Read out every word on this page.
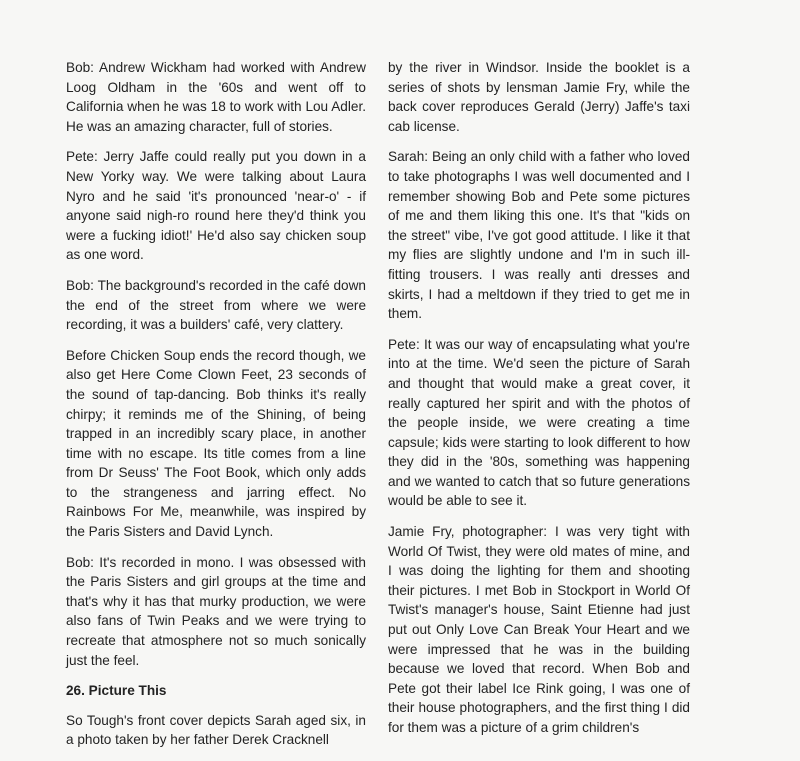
Bob: Andrew Wickham had worked with Andrew Loog Oldham in the '60s and went off to California when he was 18 to work with Lou Adler. He was an amazing character, full of stories.

Pete: Jerry Jaffe could really put you down in a New Yorky way. We were talking about Laura Nyro and he said 'it's pronounced 'near-o' - if anyone said nigh-ro round here they'd think you were a fucking idiot!' He'd also say chicken soup as one word.

Bob: The background's recorded in the café down the end of the street from where we were recording, it was a builders' café, very clattery.

Before Chicken Soup ends the record though, we also get Here Come Clown Feet, 23 seconds of the sound of tap-dancing. Bob thinks it's really chirpy; it reminds me of the Shining, of being trapped in an incredibly scary place, in another time with no escape. Its title comes from a line from Dr Seuss' The Foot Book, which only adds to the strangeness and jarring effect. No Rainbows For Me, meanwhile, was inspired by the Paris Sisters and David Lynch.

Bob: It's recorded in mono. I was obsessed with the Paris Sisters and girl groups at the time and that's why it has that murky production, we were also fans of Twin Peaks and we were trying to recreate that atmosphere not so much sonically just the feel.

26. Picture This

So Tough's front cover depicts Sarah aged six, in a photo taken by her father Derek Cracknell

by the river in Windsor. Inside the booklet is a series of shots by lensman Jamie Fry, while the back cover reproduces Gerald (Jerry) Jaffe's taxi cab license.

Sarah: Being an only child with a father who loved to take photographs I was well documented and I remember showing Bob and Pete some pictures of me and them liking this one. It's that "kids on the street" vibe, I've got good attitude. I like it that my flies are slightly undone and I'm in such ill-fitting trousers. I was really anti dresses and skirts, I had a meltdown if they tried to get me in them.

Pete: It was our way of encapsulating what you're into at the time. We'd seen the picture of Sarah and thought that would make a great cover, it really captured her spirit and with the photos of the people inside, we were creating a time capsule; kids were starting to look different to how they did in the '80s, something was happening and we wanted to catch that so future generations would be able to see it.

Jamie Fry, photographer: I was very tight with World Of Twist, they were old mates of mine, and I was doing the lighting for them and shooting their pictures. I met Bob in Stockport in World Of Twist's manager's house, Saint Etienne had just put out Only Love Can Break Your Heart and we were impressed that he was in the building because we loved that record. When Bob and Pete got their label Ice Rink going, I was one of their house photographers, and the first thing I did for them was a picture of a grim children's
